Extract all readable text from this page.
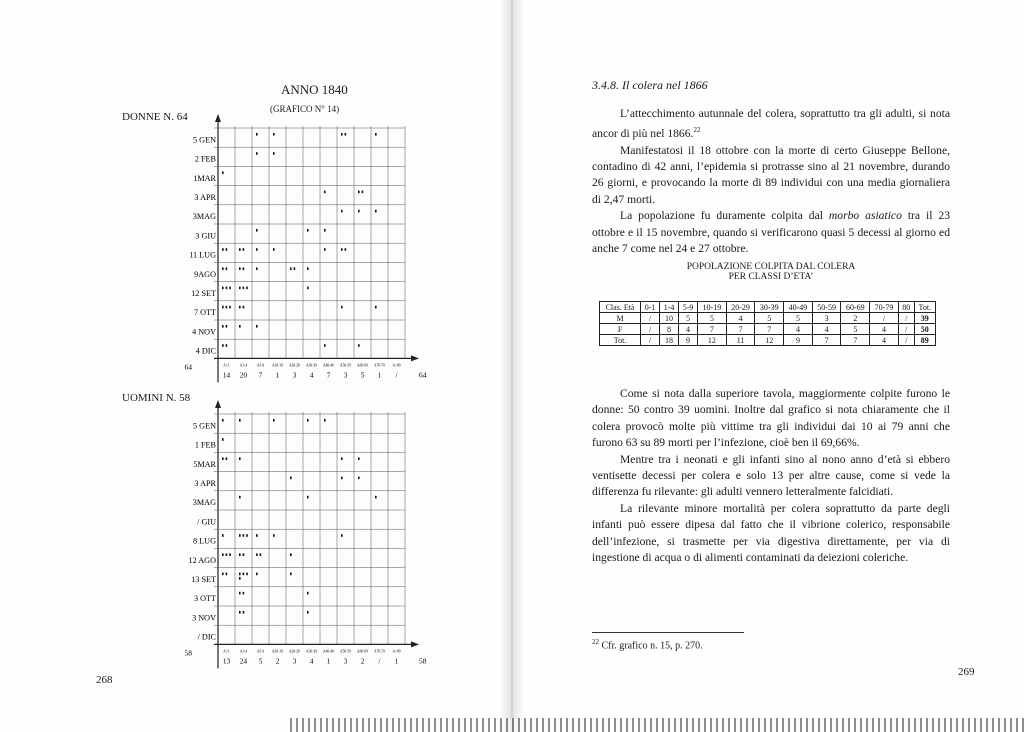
ANNO 1840
(GRAFICO N° 14)
DONNE N. 64
UOMINI N. 58
268
5 GEN
2 FEB
1MAR
3 APR
3MAG
3 GIU
11 LUG
9AGO
12 SET
7 OTT
4 NOV
4 DIC
A>1	A1-4	A5-9 A10-19 A20-29 A30-39 A40-49 A50-59 A60-69 A70-79 A>80
14 20 7 1 3 4 7 3 5 1 /
64
64
5 GEN
1 FEB
5MAR
3 APR
3MAG
/ GIU
8 LUG
12 AGO
13 SET
3 OTT
3 NOV
/ DIC
A>1	A1-4	A5-9 A10-19 A20-29 A30-39 A40-49 A50-59 A60-69 A70-79 A>80
13 24 5 2 3 4 1 3 2 / 1
58
58
3.4.8. Il colera nel 1866

L’attecchimento autunnale del colera, soprattutto tra gli adulti, si nota ancor di più nel 1866.22

Manifestatosi il 18 ottobre con la morte di certo Giuseppe Bellone, contadino di 42 anni, l’epidemia si protrasse sino al 21 novembre, durando 26 giorni, e provocando la morte di 89 individui con una media giornaliera di 2,47 morti.

La popolazione fu duramente colpita dal morbo asiatico tra il 23 ottobre e il 15 novembre, quando si verificarono quasi 5 decessi al giorno ed anche 7 come nel 24 e 27 ottobre.

POPOLAZIONE COLPITA DAL COLERA
PER CLASSI D’ETA’
Clas. Età	0-1	1-4	5-9	10-19	20-29	30-39	40-49	50-59	60-69	70-79	80	Tot.
M	/	10	5	5	4	5	5	3	2	/	/	39
F	/	8	4	7	7	7	4	4	5	4	/	50
Tot.	/	18	9	12	11	12	9	7	7	4	/	89

Come si nota dalla superiore tavola, maggiormente colpite furono le donne: 50 contro 39 uomini. Inoltre dal grafico si nota chiaramente che il colera provocò molte più vittime tra gli individui dai 10 ai 79 anni che furono 63 su 89 morti per l’infezione, cioè ben il 69,66%.

Mentre tra i neonati e gli infanti sino al nono anno d’età si ebbero ventisette decessi per colera e solo 13 per altre cause, come si vede la differenza fu rilevante: gli adulti vennero letteralmente falcidiati.

La rilevante minore mortalità per colera soprattutto da parte degli infanti può essere dipesa dal fatto che il vibrione colerico, responsabile dell’infezione, si trasmette per via digestiva direttamente, per via di ingestione di acqua o di alimenti contaminati da deiezioni coleriche.

$^{22}$ Cfr. grafico n. 15, p. 270.
269
